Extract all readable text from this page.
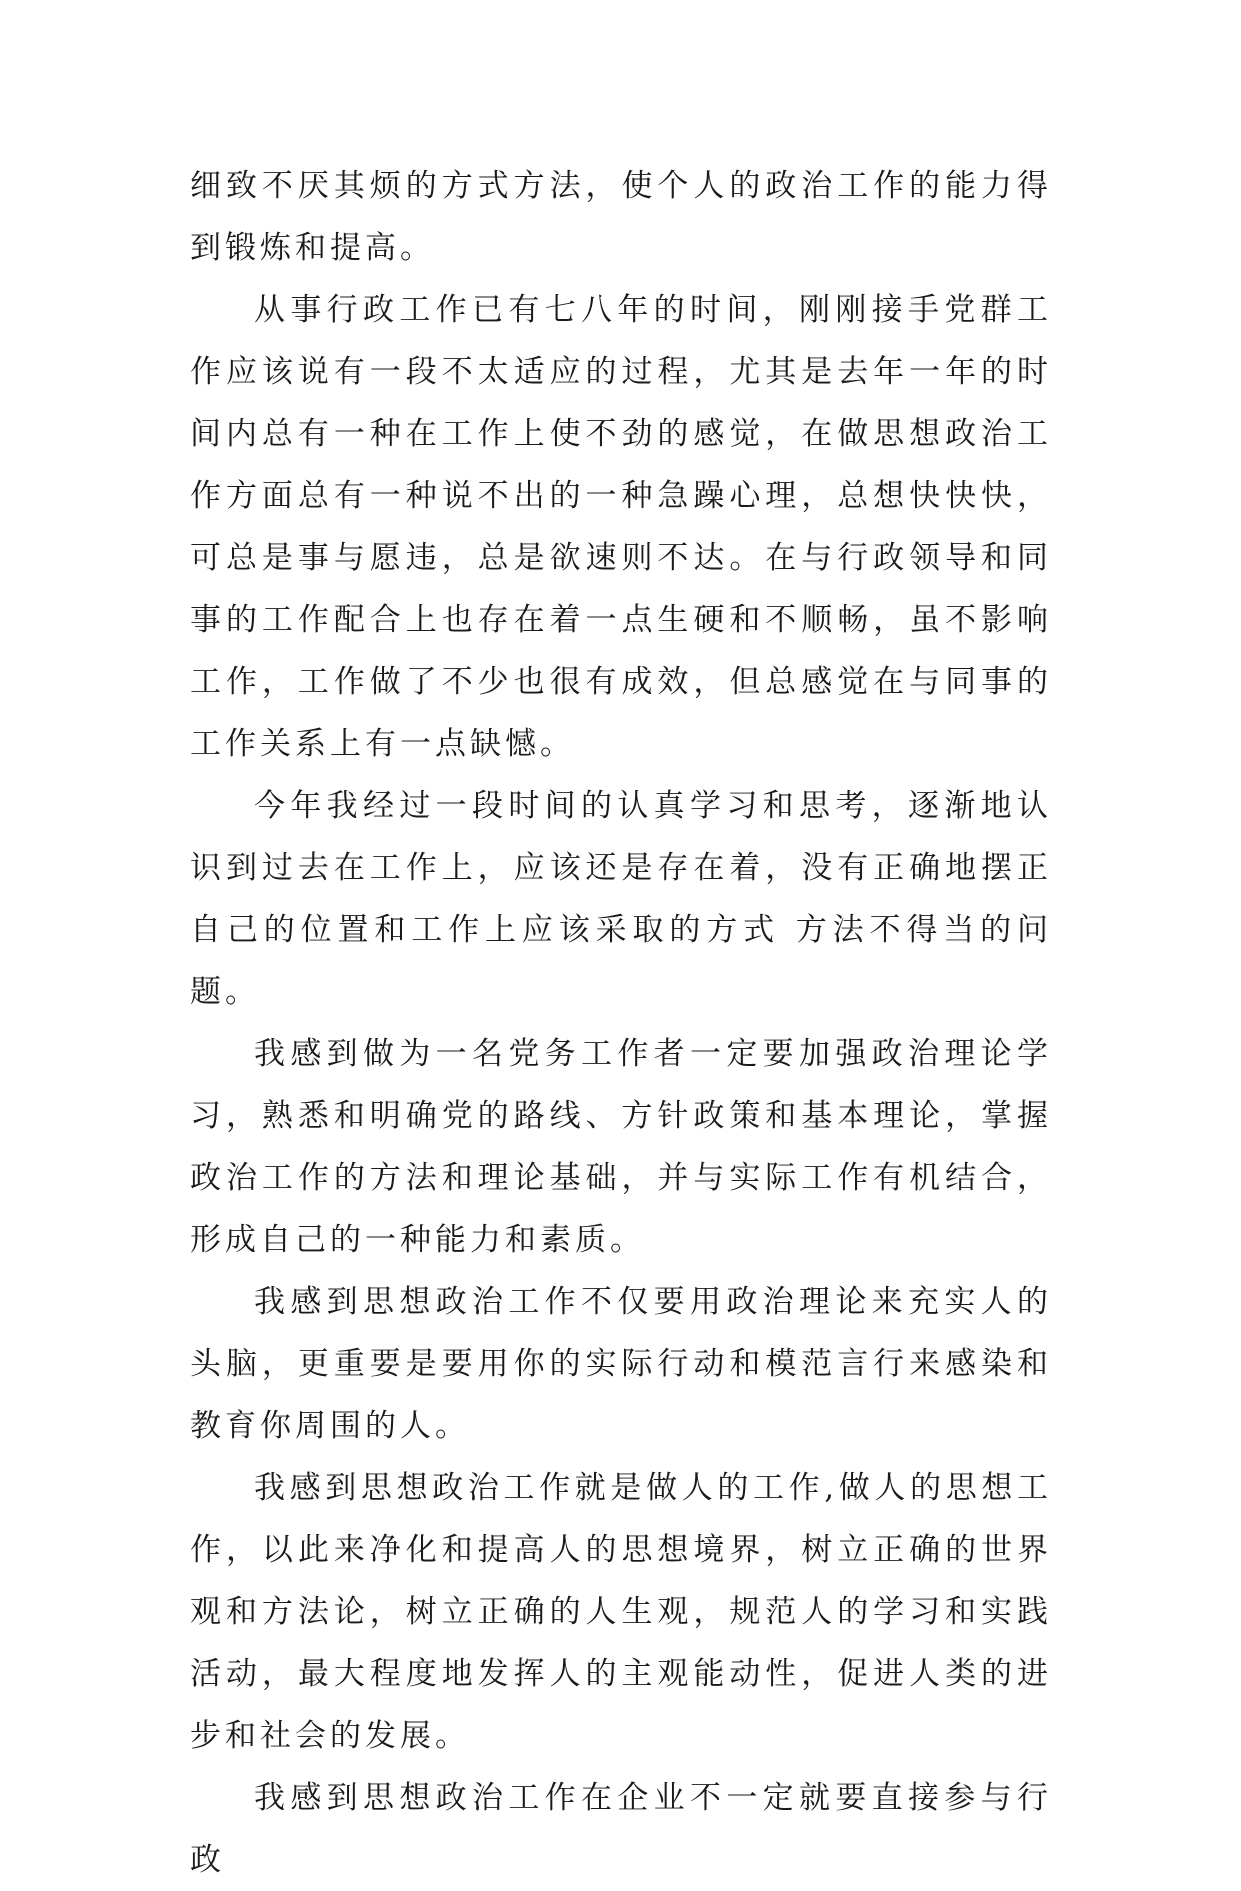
细致不厌其烦的方式方法，使个人的政治工作的能力得到锻炼和提高。

从事行政工作已有七八年的时间，刚刚接手党群工作应该说有一段不太适应的过程，尤其是去年一年的时间内总有一种在工作上使不劲的感觉，在做思想政治工作方面总有一种说不出的一种急躁心理，总想快快快，可总是事与愿违，总是欲速则不达。在与行政领导和同事的工作配合上也存在着一点生硬和不顺畅，虽不影响工作，工作做了不少也很有成效，但总感觉在与同事的工作关系上有一点缺憾。

今年我经过一段时间的认真学习和思考，逐渐地认识到过去在工作上，应该还是存在着，没有正确地摆正自己的位置和工作上应该采取的方式 方法不得当的问题。

我感到做为一名党务工作者一定要加强政治理论学习，熟悉和明确党的路线、方针政策和基本理论，掌握政治工作的方法和理论基础，并与实际工作有机结合，形成自己的一种能力和素质。

我感到思想政治工作不仅要用政治理论来充实人的头脑，更重要是要用你的实际行动和模范言行来感染和教育你周围的人。

我感到思想政治工作就是做人的工作,做人的思想工作，以此来净化和提高人的思想境界，树立正确的世界观和方法论，树立正确的人生观，规范人的学习和实践活动，最大程度地发挥人的主观能动性，促进人类的进步和社会的发展。

我感到思想政治工作在企业不一定就要直接参与行政
